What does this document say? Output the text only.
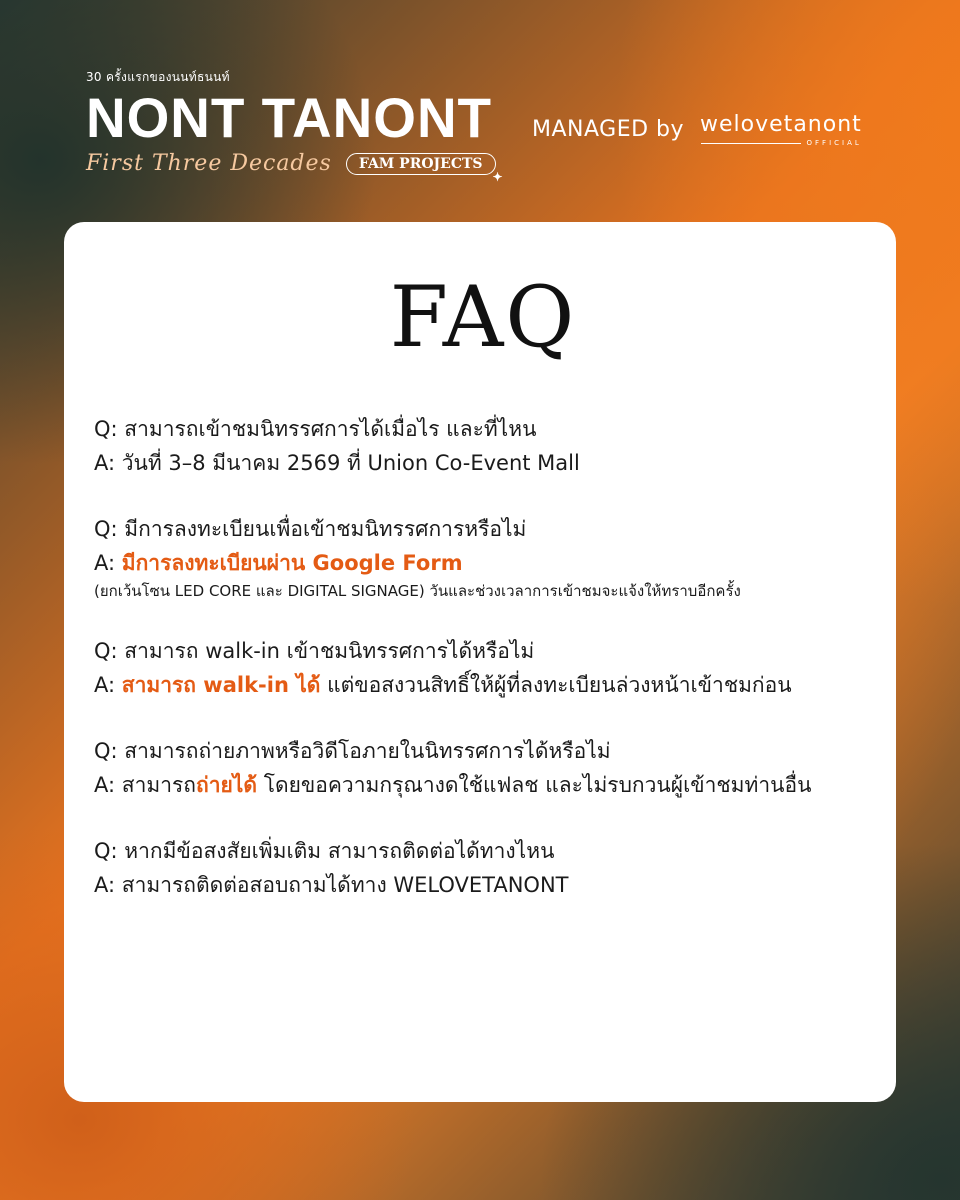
30 ครั้งแรกของนนท์ธนนท์
NONT TANONT
First Three Decades	FAM PROJECTS
✦
MANAGED by welovetanont
OFFICIAL
FAQ
Q: สามารถเข้าชมนิทรรศการได้เมื่อไร และที่ไหน
A: วันที่ 3–8 มีนาคม 2569 ที่ Union Co-Event Mall
Q: มีการลงทะเบียนเพื่อเข้าชมนิทรรศการหรือไม่
A: มีการลงทะเบียนผ่าน Google Form
(ยกเว้นโซน LED CORE และ DIGITAL SIGNAGE) วันและช่วงเวลาการเข้าชมจะแจ้งให้ทราบอีกครั้ง
Q: สามารถ walk-in เข้าชมนิทรรศการได้หรือไม่
A: สามารถ walk-in ได้ แต่ขอสงวนสิทธิ์ให้ผู้ที่ลงทะเบียนล่วงหน้าเข้าชมก่อน
Q: สามารถถ่ายภาพหรือวิดีโอภายในนิทรรศการได้หรือไม่
A: สามารถถ่ายได้ โดยขอความกรุณางดใช้แฟลช และไม่รบกวนผู้เข้าชมท่านอื่น
Q: หากมีข้อสงสัยเพิ่มเติม สามารถติดต่อได้ทางไหน
A: สามารถติดต่อสอบถามได้ทาง WELOVETANONT
